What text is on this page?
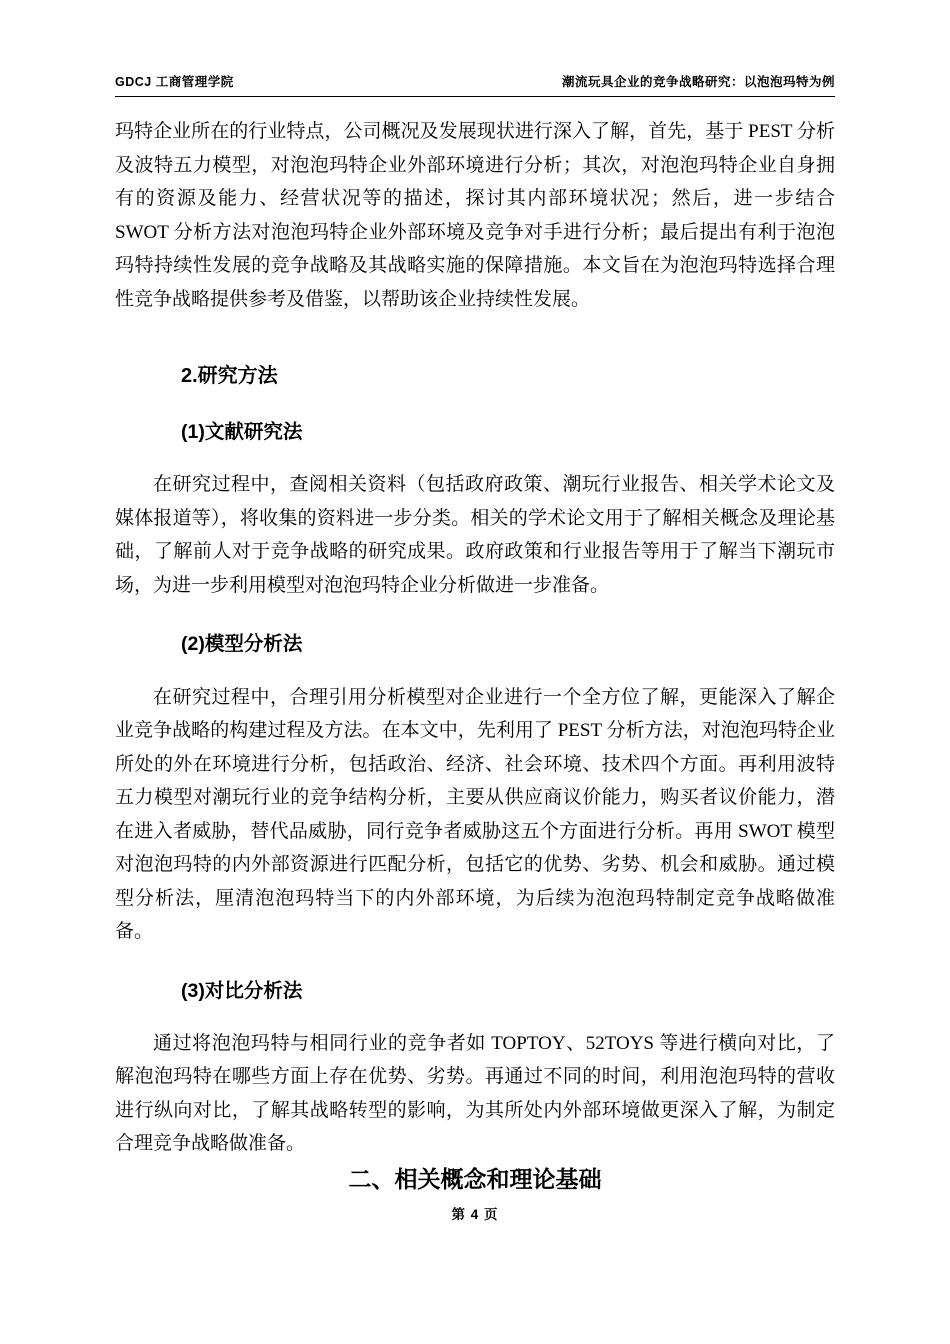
GDCJ 工商管理学院	潮流玩具企业的竞争战略研究：以泡泡玛特为例

玛特企业所在的行业特点，公司概况及发展现状进行深入了解，首先，基于 PEST 分析及波特五力模型，对泡泡玛特企业外部环境进行分析；其次，对泡泡玛特企业自身拥有的资源及能力、经营状况等的描述，探讨其内部环境状况；然后，进一步结合 SWOT 分析方法对泡泡玛特企业外部环境及竞争对手进行分析；最后提出有利于泡泡玛特持续性发展的竞争战略及其战略实施的保障措施。本文旨在为泡泡玛特选择合理性竞争战略提供参考及借鉴，以帮助该企业持续性发展。

2.研究方法
(1)文献研究法

在研究过程中，查阅相关资料（包括政府政策、潮玩行业报告、相关学术论文及媒体报道等），将收集的资料进一步分类。相关的学术论文用于了解相关概念及理论基础，了解前人对于竞争战略的研究成果。政府政策和行业报告等用于了解当下潮玩市场，为进一步利用模型对泡泡玛特企业分析做进一步准备。

(2)模型分析法

在研究过程中，合理引用分析模型对企业进行一个全方位了解，更能深入了解企业竞争战略的构建过程及方法。在本文中，先利用了 PEST 分析方法，对泡泡玛特企业所处的外在环境进行分析，包括政治、经济、社会环境、技术四个方面。再利用波特五力模型对潮玩行业的竞争结构分析，主要从供应商议价能力，购买者议价能力，潜在进入者威胁，替代品威胁，同行竞争者威胁这五个方面进行分析。再用 SWOT 模型对泡泡玛特的内外部资源进行匹配分析，包括它的优势、劣势、机会和威胁。通过模型分析法，厘清泡泡玛特当下的内外部环境，为后续为泡泡玛特制定竞争战略做准备。

(3)对比分析法

通过将泡泡玛特与相同行业的竞争者如 TOPTOY、52TOYS 等进行横向对比，了解泡泡玛特在哪些方面上存在优势、劣势。再通过不同的时间，利用泡泡玛特的营收进行纵向对比，了解其战略转型的影响，为其所处内外部环境做更深入了解，为制定合理竞争战略做准备。

二、相关概念和理论基础
第 4 页
